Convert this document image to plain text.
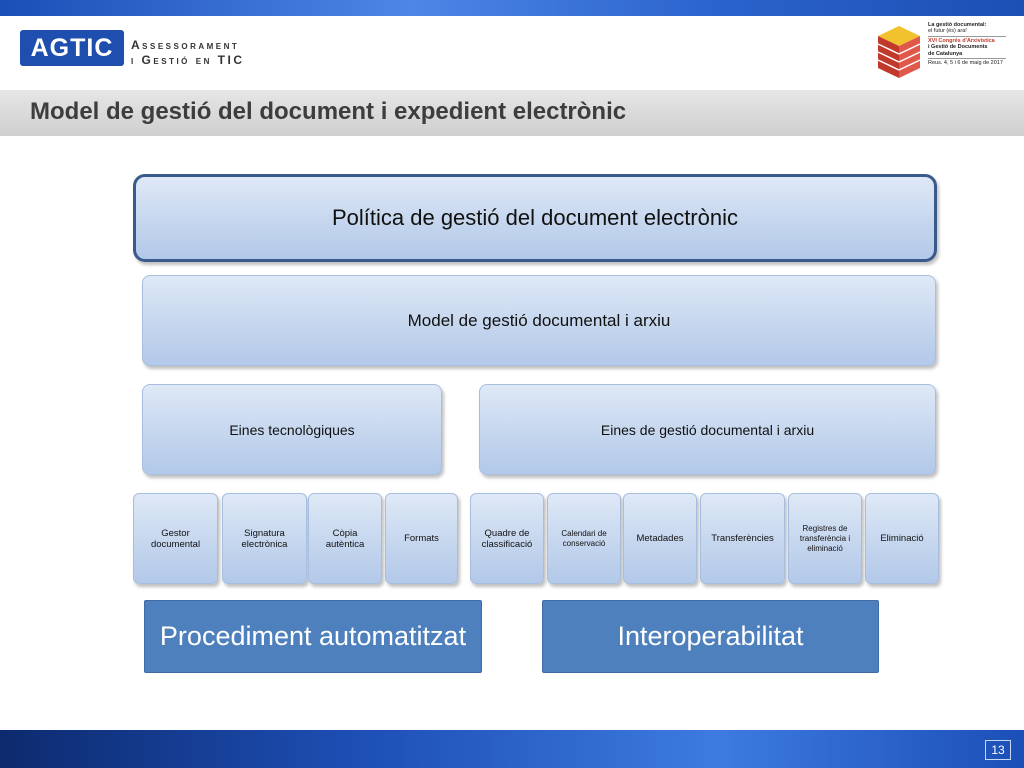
AGTIC	Assessorament
i Gestió en TIC
La gestió documental:
el futur (és) ara!
XVI Congrés d'Arxivística
i Gestió de Documents
de Catalunya
Reus. 4, 5 i 6 de maig de 2017
Model de gestió del document i expedient electrònic
Política de gestió del document electrònic
Model de gestió documental i arxiu
Eines tecnològiques	Eines de gestió documental i arxiu
Gestor documental
Signatura electrònica
Còpia autèntica	Formats	Quadre de classificació
Calendari de conservació	Metadades	Transferències
Registres de transferència i eliminació
Eliminació
Procediment automatitzat	Interoperabilitat
13
